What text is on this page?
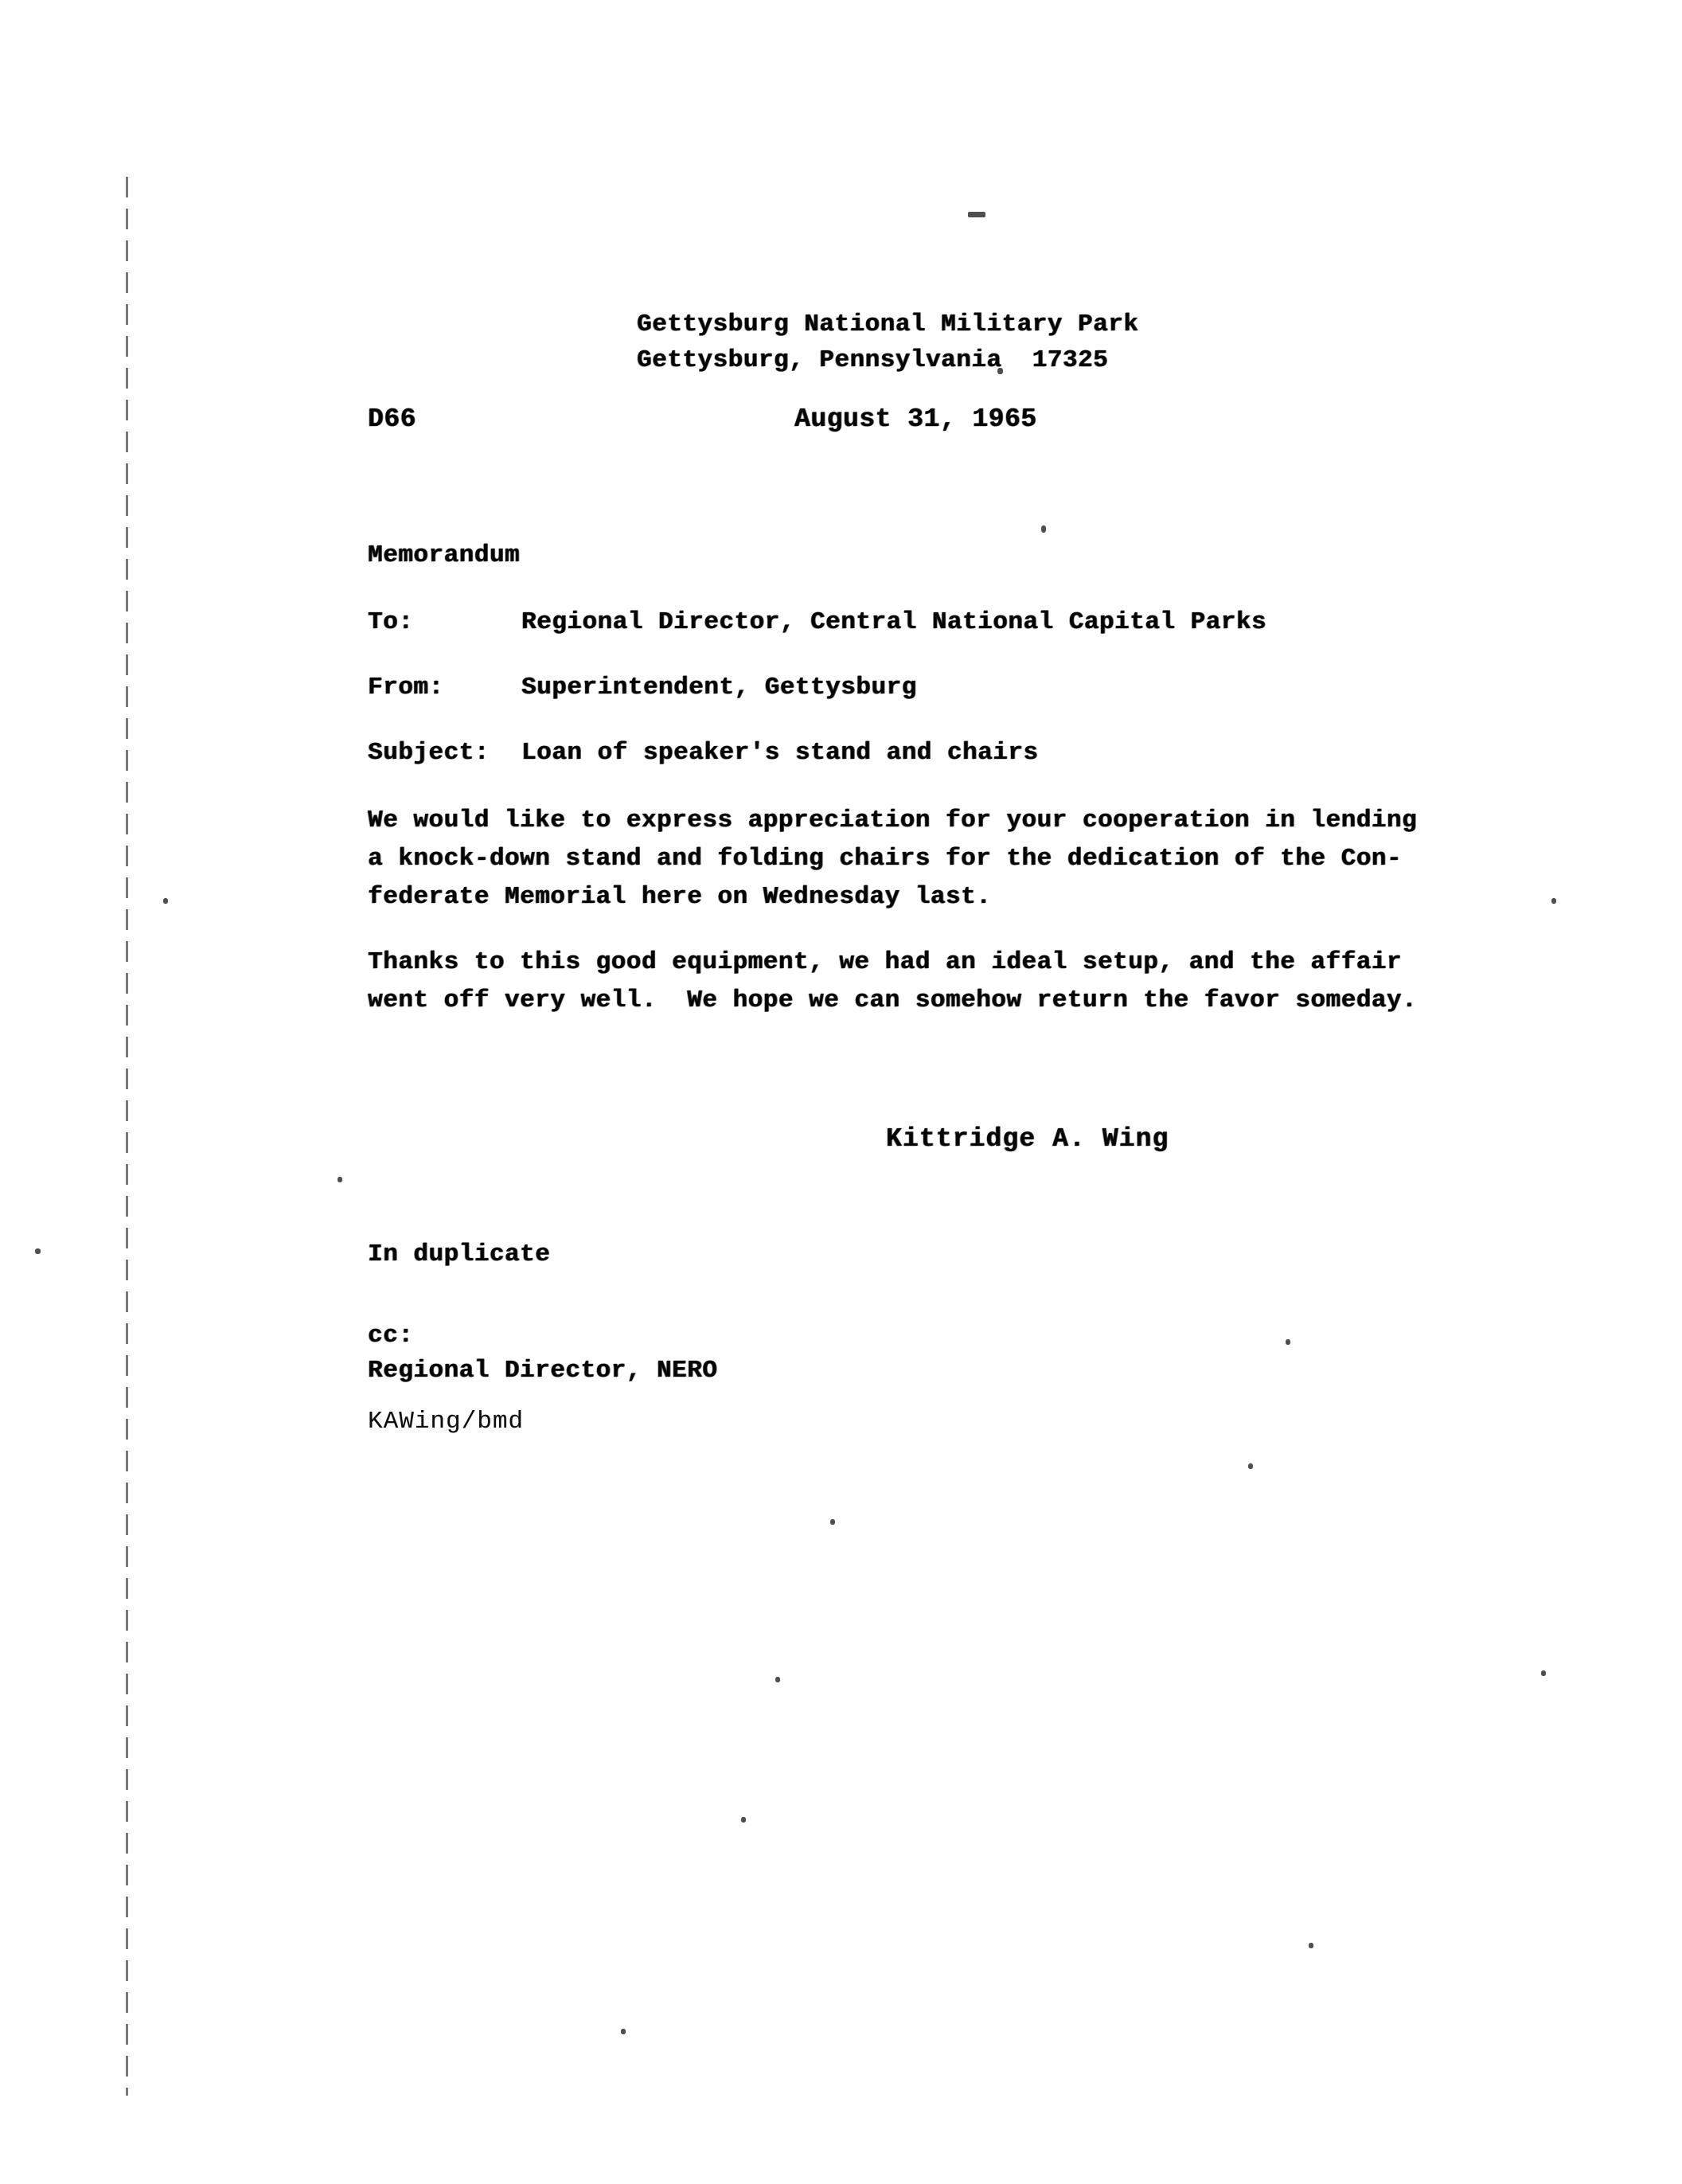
Gettysburg National Military Park
Gettysburg, Pennsylvania  17325
D66	August 31, 1965
Memorandum
To:	Regional Director, Central National Capital Parks
From:	Superintendent, Gettysburg
Subject: Loan of speaker's stand and chairs
We would like to express appreciation for your cooperation in lending
a knock-down stand and folding chairs for the dedication of the Con-
federate Memorial here on Wednesday last.
Thanks to this good equipment, we had an ideal setup, and the affair
went off very well.  We hope we can somehow return the favor someday.
Kittridge A. Wing
In duplicate
cc:
Regional Director, NERO
KAWing/bmd
